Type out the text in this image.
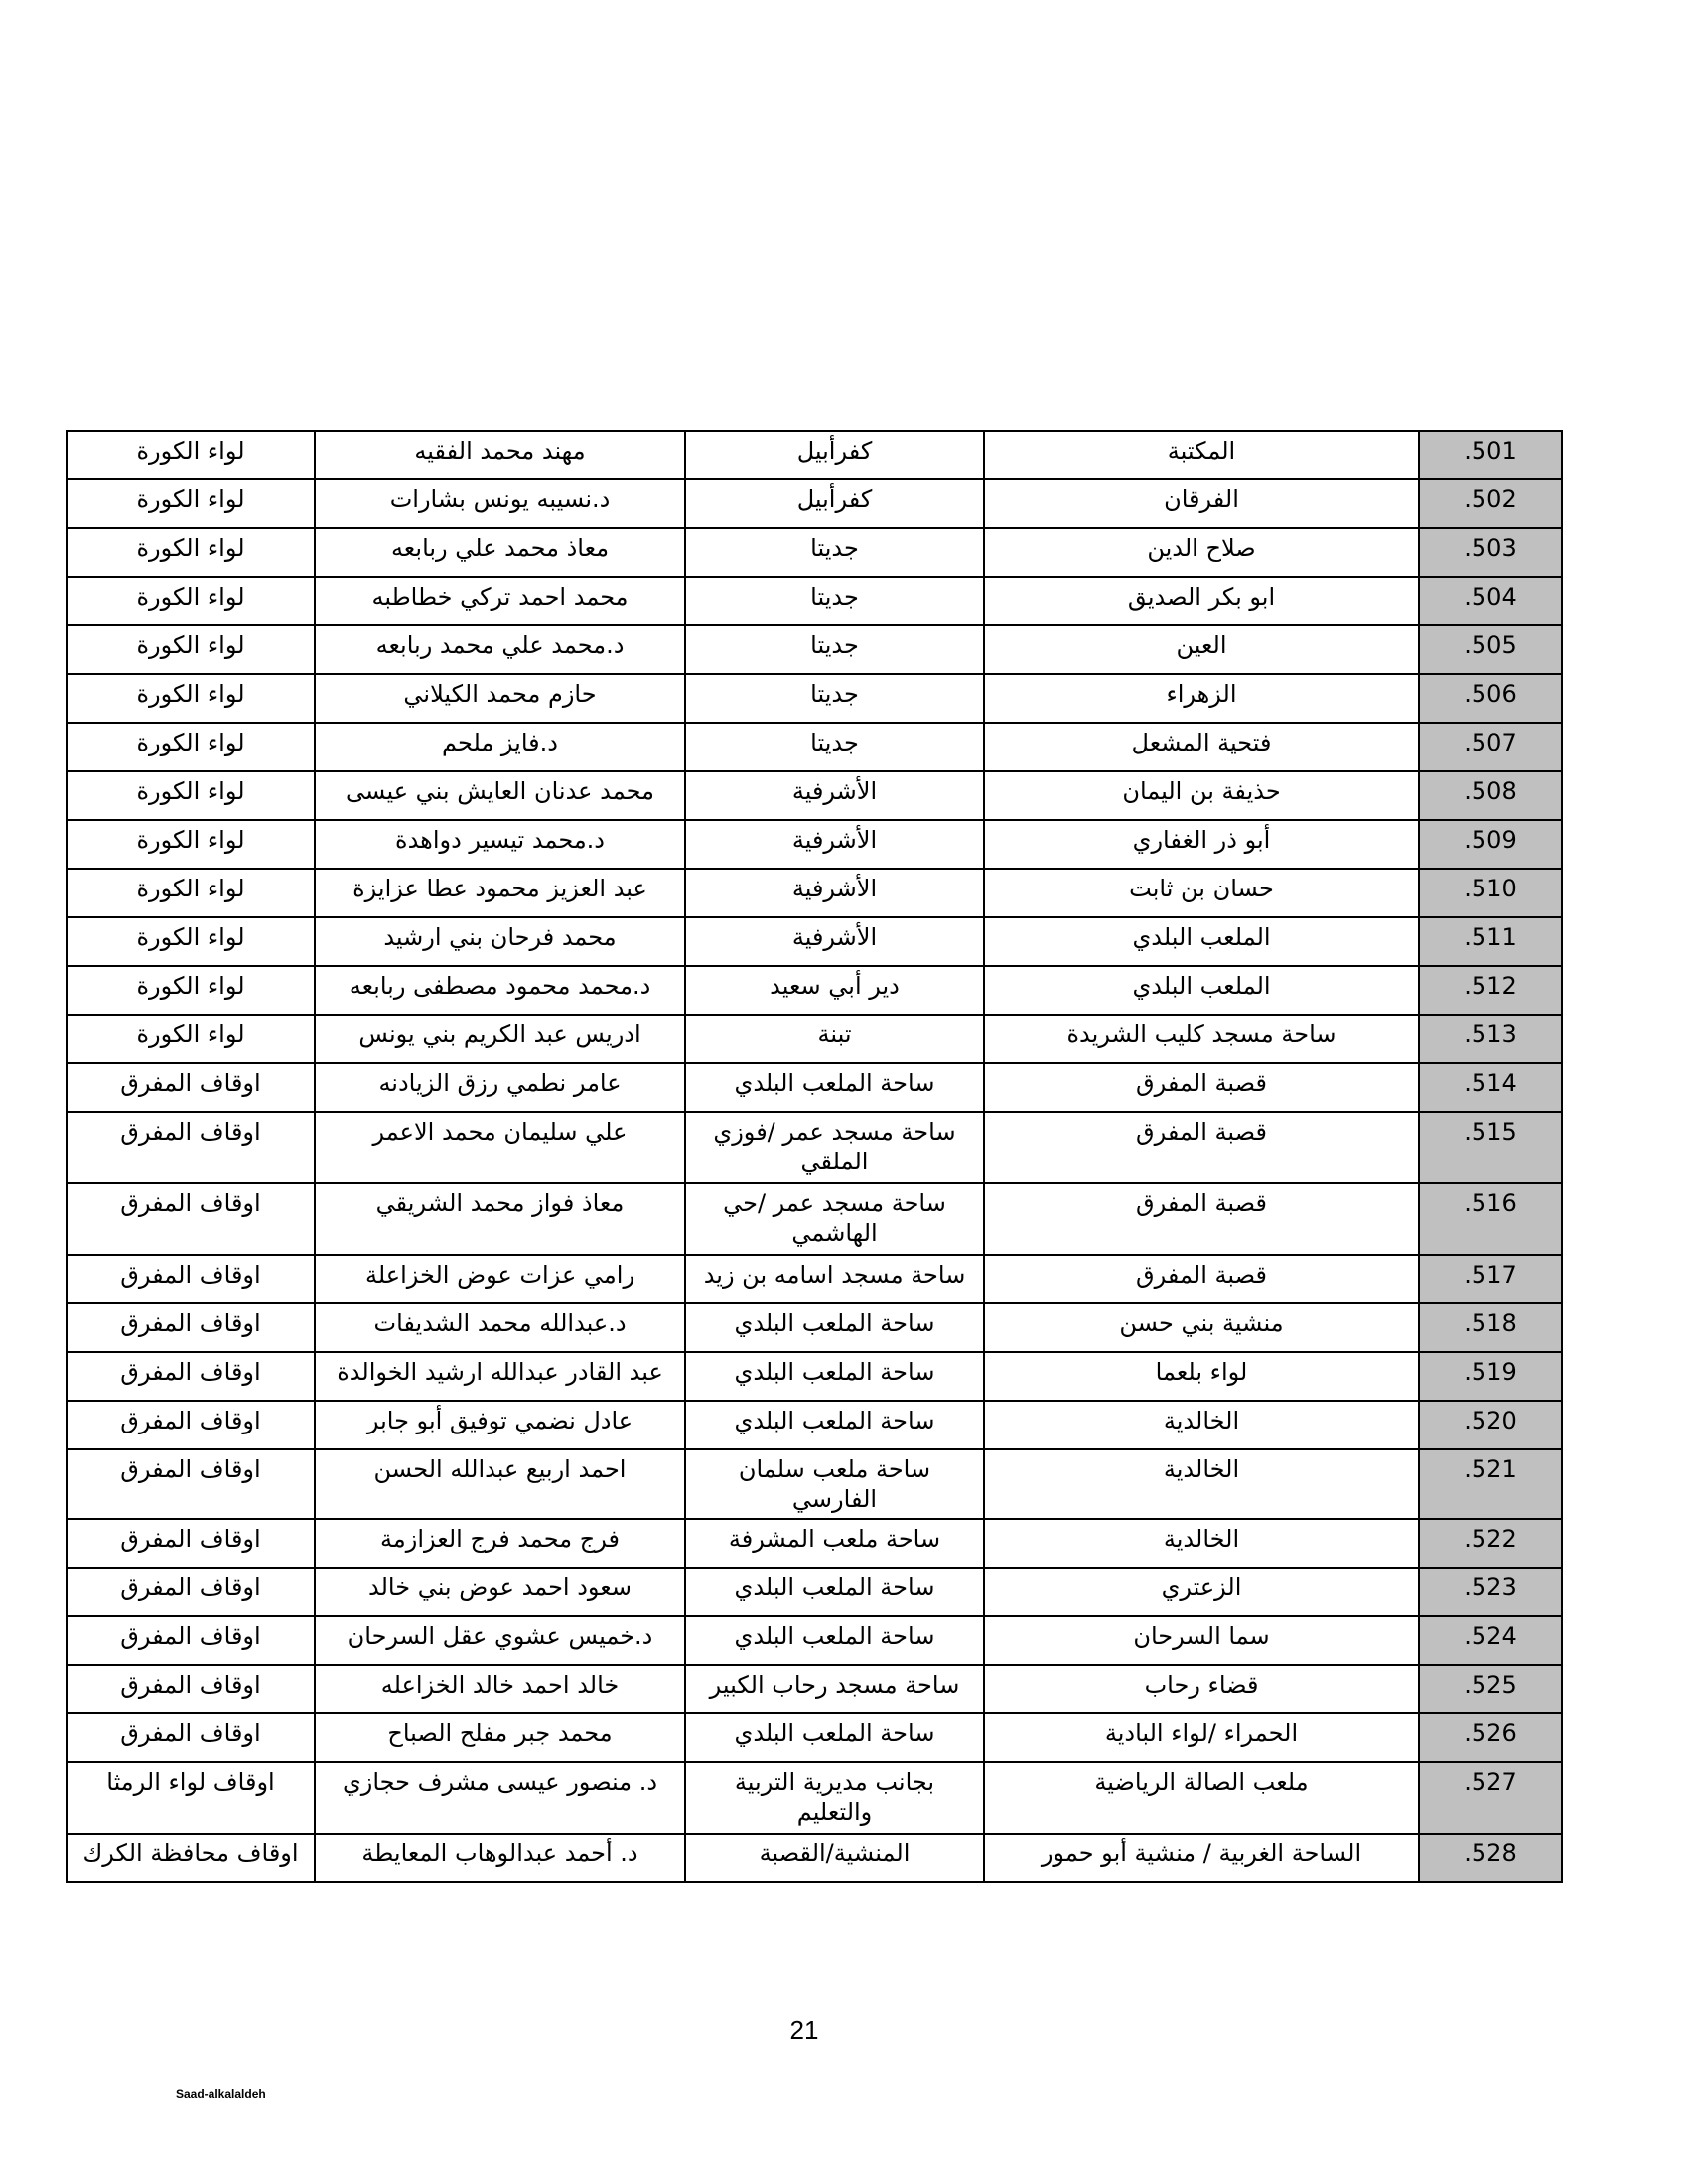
لواء الكورة	مهند محمد الفقيه	كفرأبيل	المكتبة	.501
لواء الكورة	د.نسيبه يونس بشارات	كفرأبيل	الفرقان	.502
لواء الكورة	معاذ محمد علي ربابعه	جديتا	صلاح الدين	.503
لواء الكورة	محمد احمد تركي خطاطبه	جديتا	ابو بكر الصديق	.504
لواء الكورة	د.محمد علي محمد ربابعه	جديتا	العين	.505
لواء الكورة	حازم محمد الكيلاني	جديتا	الزهراء	.506
لواء الكورة	د.فايز ملحم	جديتا	فتحية المشعل	.507
لواء الكورة	محمد عدنان العايش بني عيسى	الأشرفية	حذيفة بن اليمان	.508
لواء الكورة	د.محمد تيسير دواهدة	الأشرفية	أبو ذر الغفاري	.509
لواء الكورة	عبد العزيز محمود عطا عزايزة	الأشرفية	حسان بن ثابت	.510
لواء الكورة	محمد فرحان بني ارشيد	الأشرفية	الملعب البلدي	.511
لواء الكورة	د.محمد محمود مصطفى ربابعه	دير أبي سعيد	الملعب البلدي	.512
لواء الكورة	ادريس عبد الكريم بني يونس	تبنة	ساحة مسجد كليب الشريدة	.513
اوقاف المفرق	عامر نطمي رزق الزيادنه	ساحة الملعب البلدي	قصبة المفرق	.514
اوقاف المفرق	علي سليمان محمد الاعمر	ساحة مسجد عمر /فوزي الملقي	قصبة المفرق	.515
اوقاف المفرق	معاذ فواز محمد الشريقي	ساحة مسجد عمر /حي الهاشمي	قصبة المفرق	.516
اوقاف المفرق	رامي عزات عوض الخزاعلة	ساحة مسجد اسامه بن زيد	قصبة المفرق	.517
اوقاف المفرق	د.عبدالله محمد الشديفات	ساحة الملعب البلدي	منشية بني حسن	.518
اوقاف المفرق	عبد القادر عبدالله ارشيد الخوالدة	ساحة الملعب البلدي	لواء بلعما	.519
اوقاف المفرق	عادل نضمي توفيق أبو جابر	ساحة الملعب البلدي	الخالدية	.520
اوقاف المفرق	احمد اربيع عبدالله الحسن	ساحة ملعب سلمان الفارسي	الخالدية	.521
اوقاف المفرق	فرج محمد فرج العزازمة	ساحة ملعب المشرفة	الخالدية	.522
اوقاف المفرق	سعود احمد عوض بني خالد	ساحة الملعب البلدي	الزعتري	.523
اوقاف المفرق	د.خميس عشوي عقل السرحان	ساحة الملعب البلدي	سما السرحان	.524
اوقاف المفرق	خالد احمد خالد الخزاعله	ساحة مسجد رحاب الكبير	قضاء رحاب	.525
اوقاف المفرق	محمد جبر مفلح الصباح	ساحة الملعب البلدي	الحمراء /لواء البادية	.526
اوقاف لواء الرمثا	د. منصور عيسى مشرف حجازي	بجانب مديرية التربية والتعليم	ملعب الصالة الرياضية	.527
اوقاف محافظة الكرك	د. أحمد عبدالوهاب المعايطة	المنشية/القصبة	الساحة الغربية / منشية أبو حمور	.528
21
Saad-alkalaldeh
